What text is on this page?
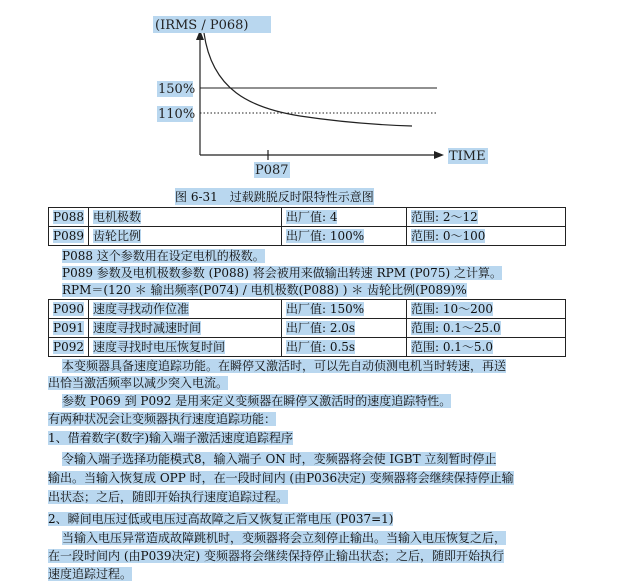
(IRMS / P068)
150%
110%
TIME
P087
图 6-31　过载跳脱反时限特性示意图
P088	电机极数	出厂值: 4	范围: 2～12
P089	齿轮比例	出厂值: 100%	范围: 0～100
P088 这个参数用在设定电机的极数。
P089 参数及电机极数参数 (P088) 将会被用来做输出转速 RPM (P075) 之计算。
RPM＝(120 ＊ 输出频率(P074) / 电机极数(P088) ) ＊ 齿轮比例(P089)%
P090	速度寻找动作位准	出厂值: 150%	范围: 10～200
P091	速度寻找时减速时间	出厂值: 2.0s	范围: 0.1～25.0
P092	速度寻找时电压恢复时间	出厂值: 0.5s	范围: 0.1～5.0
本变频器具备速度追踪功能。在瞬停又激活时，可以先自动侦测电机当时转速，再送
出恰当激活频率以减少突入电流。
参数 P069 到 P092 是用来定义变频器在瞬停又激活时的速度追踪特性。
有两种状况会让变频器执行速度追踪功能：
1、借着数字(数字)输入端子激活速度追踪程序
令输入端子选择功能模式8，输入端子 ON 时，变频器将会使 IGBT 立刻暂时停止
输出。当输入恢复成 OPP 时，在一段时间内 (由P036决定) 变频器将会继续保持停止输
出状态；之后，随即开始执行速度追踪过程。
2、瞬间电压过低或电压过高故障之后又恢复正常电压 (P037=1)
当输入电压异常造成故障跳机时，变频器将会立刻停止输出。当输入电压恢复之后，
在一段时间内 (由P039决定) 变频器将会继续保持停止输出状态；之后，随即开始执行
速度追踪过程。
